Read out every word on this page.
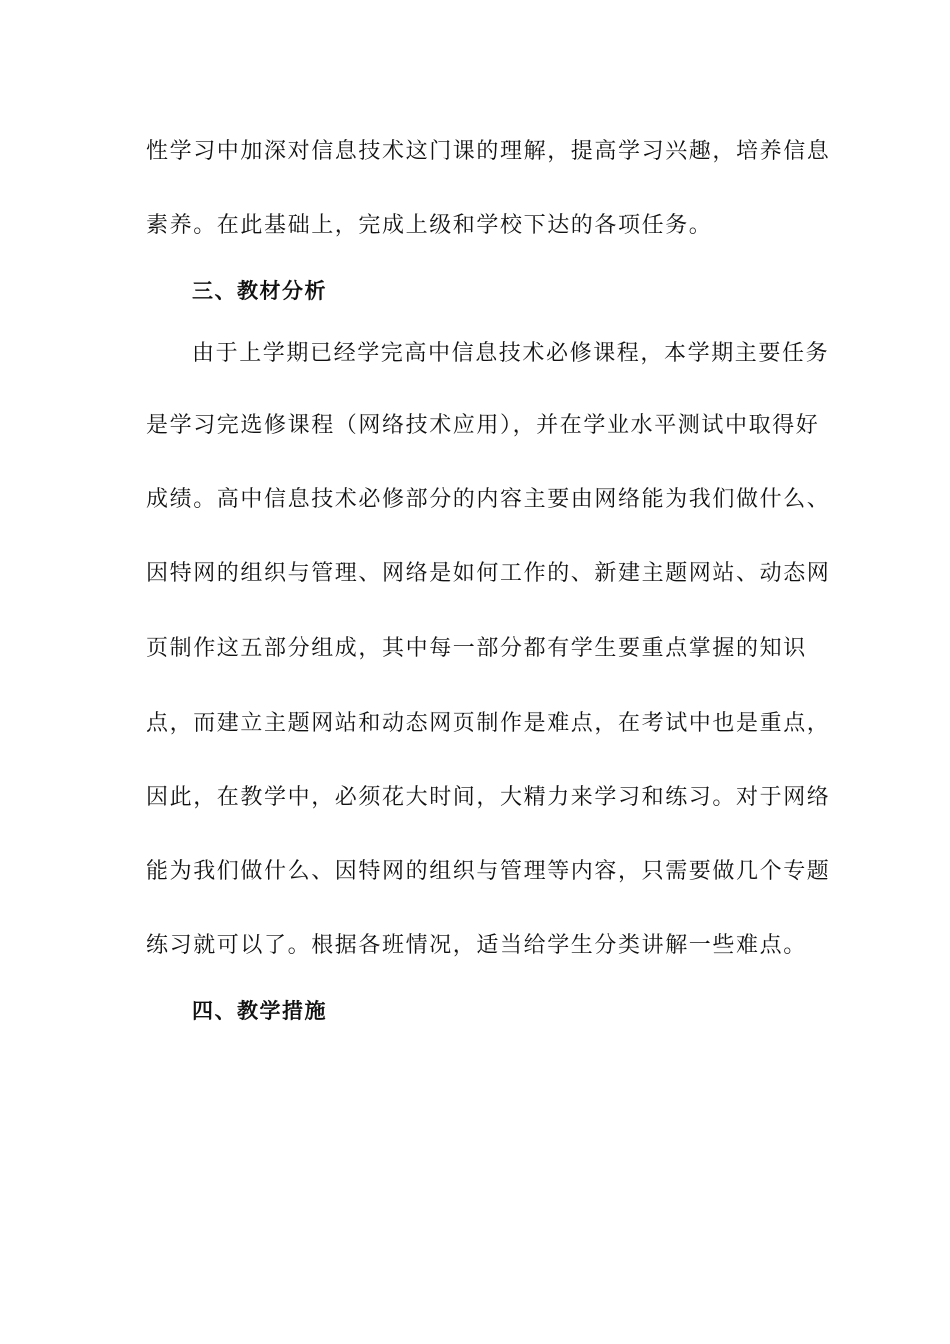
性学习中加深对信息技术这门课的理解，提高学习兴趣，培养信息
素养。在此基础上，完成上级和学校下达的各项任务。
三、教材分析
由于上学期已经学完高中信息技术必修课程，本学期主要任务
是学习完选修课程（网络技术应用），并在学业水平测试中取得好
成绩。高中信息技术必修部分的内容主要由网络能为我们做什么、
因特网的组织与管理、网络是如何工作的、新建主题网站、动态网
页制作这五部分组成，其中每一部分都有学生要重点掌握的知识
点，而建立主题网站和动态网页制作是难点，在考试中也是重点，
因此，在教学中，必须花大时间，大精力来学习和练习。对于网络
能为我们做什么、因特网的组织与管理等内容，只需要做几个专题
练习就可以了。根据各班情况，适当给学生分类讲解一些难点。
四、教学措施
